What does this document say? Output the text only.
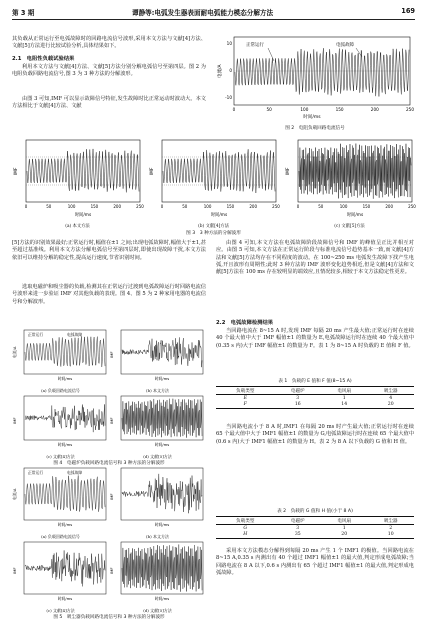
第 3 期	谭静等:电弧发生器表面耐电弧能力模态分解方法	169
其负载从正常运行至电弧故障时的回路电流信号波形,采用本文方法与文献[4]方法、文献[5]方法进行比较试验分析,具体结果如下。
2.1　电阻性负载试验结果
利用本文方法与文献[4]方法、文献[5]方法分别分解电弧信号至第四层。图 2 为电阻负载回路电流信号,图 3 为 3 种方法的分解波形。
由图 3 可知,IMF 可以显示故障信号特征,发生故障时比正常运动时波动大。本文方法相比于文献[4]方法、文献
电流/A
正常运行	电弧故障
0	50	100	150	200	250
10
0
-10
时间/ms
图 2　电阻负载回路电流信号
IMF
0	50	100	150	200	250
时间/ms
(a) 本文方法
IMF
0	50	100	150	200	250
时间/ms
(b) 文献[4]方法
IMF
0	50	100	150	200	250
时间/ms
(c) 文献[5]方法
图 3　3 种方法的分解波形
[5]方法的识别效果最好;正常运行时,幅值在±1 之间;出现电弧故障时,幅值大于±1,甚至超过基准线。利用本文方法分解电弧信号至第四层时,即使出现故障干扰,本文方法依旧可以维持分解的稳定性,提高运行速度,节省识别时间。
选取电磁炉和吸尘器的负载,检测其在正常运行过渡到电弧故障运行时回路电流信号波形来进一步验证 IMF 对其他负载的表现。图 4、图 5 为 2 种家用电器的电流信号和分解波形。
电流/A
时间/ms
正常运行	电弧故障
(a) 负载回路电流信号
IMF
时间/ms
(b) 本文方法
IMF
时间/ms
(c) 文献[4]方法
IMF
时间/ms
(d) 文献[5]方法
图 4　电磁炉负载回路电流信号和 3 种方法的分解波形
电流/A
时间/ms
正常运行	电弧故障
(a) 负载回路电流信号
IMF
时间/ms
(b) 本文方法
IMF
时间/ms
(c) 文献[4]方法
IMF
时间/ms
(d) 文献[5]方法
图 5　吸尘器负载回路电流信号和 3 种方法的分解波形
由图 4 可知,本文方法在电弧故障阶段故障信号和 IMF 的峰值呈正比并相互对应。由图 5 可知,本文方法在正常运行阶段与标准电流信号趋势基本一致,而文献[4]方法和文献[5]方法均存在不同程度的波动。在 100~250 ms 电弧发生故障下找产生电弧,开且波形有周期性;此时 3 种方法的 IMF 波形变化趋势相近,但是文献[4]方法和文献[5]方法在 100 ms 存在较明显的端效应,且情况较多,相较于本文方法稳定性更差。
2.2　电弧故障检测结果
当回路电流在 8~15 A 时,发现 IMF 每隔 20 ms 产生最大值;正常运行时在连续 40 个最大值中大于 IMF 幅值±1 的数量为 E,电弧故障运行时在连续 40 个最大值中(0.35 s 内)大于 IMF 幅值±1 的数量为 F。表 1 为 8~15 A 时负载的 E 值和 F 值。
表 1　负载的 E 值和 F 值(8~15 A)
负载类型	电磁炉	电风扇	吸尘器
E	3	1	4
F	16	14	20
当回路电流小于 8 A 时,IMF1 在每隔 20 ms 时产生最大值;正常运行时在连续 65 个最大值中大于 IMF1 幅值±1 的数量为 G,电弧故障运行时在连续 65 个最大值中(0.6 s 内)大于 IMF1 幅值±1 的数量为 H。表 2 为 8 A 以下负载的 G 值和 H 值。
表 2　负载的 G 值和 H 值(小于 8 A)
负载类型	电磁炉	电风扇	吸尘器
G	3	1	2
H	35	20	10
采用本文方法模态分解得到每隔 20 ms 产生 1 个 IMF1 的极值。当回路电流在 8~15 A,0.35 s 内测出有 40 个超过 IMF1 幅值±1 的最大值,判定形成电弧故障;当回路电流在 8 A 以下,0.6 s 内测出有 65 个超过 IMF1 幅值±1 的最大值,判定形成电弧故障。
